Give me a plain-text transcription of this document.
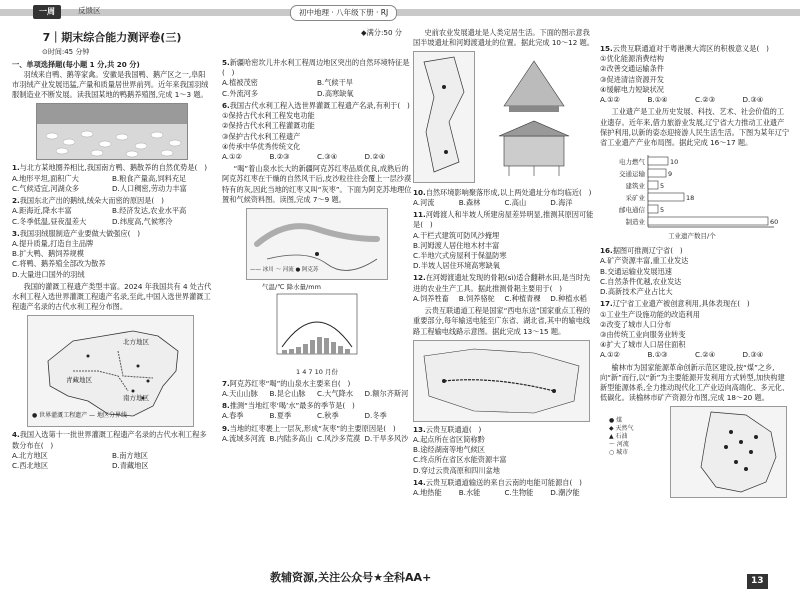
一周	反馈区	初中地理 · 八年级下册 · RJ
7｜期末综合能力测评卷(三)
⊙时间:45 分钟

一、单项选择题(每小题 1 分,共 20 分)

羽绒来自鸭、鹅等家禽。安徽是我国鸭、鹅产区之一,阜阳市羽绒产业发展迅猛,产量和质量居世界前列。近年来我国羽绒服制造业不断发展。读我国某地的鸭鹅养殖图,完成 1～3 题。

1.与北方某地圈养相比,我国南方鸭、鹅散养的自然优势是(   )

A.地形平坦,面积广大	B.粮食产量高,饲料充足
C.气候适宜,河湖众多	D.人口稠密,劳动力丰富

2.我国东北产出的鹅绒,绒朵大而密的原因是(   )

A.距海近,降水丰富	B.经济发达,农业水平高
C.冬季低温,昼夜温差大	D.纬度高,气候寒冷

3.我国羽绒服制造产业要做大做强应(   )

A.提升质量,打造自主品牌

B.扩大鸭、鹅饲养规模

C.将鸭、鹅养殖全部改为散养

D.大量进口国外的羽绒

我国的灌溉工程遗产类型丰富。2024 年我国共有 4 处古代水利工程入选世界灌溉工程遗产名录,至此,中国入选世界灌溉工程遗产名录的古代水利工程分布图。

北方地区
青藏地区
南方地区
● 世界灌溉工程遗产 — 地区分界线

4.我国入选第十一批世界灌溉工程遗产名录的古代水利工程多数分布在(   )

A.北方地区	B.南方地区
C.西北地区	D.青藏地区
◆满分:50 分

5.新疆哈密坎儿井水利工程周边地区突出的自然环境特征是(   )

A.植被茂密	B.气候干旱
C.外流河多	D.高寒缺氧

6.我国古代水利工程入选世界灌溉工程遗产名录,有利于(   )

①保持古代水利工程发电功能

②保持古代水利工程灌溉功能

③保护古代水利工程遗产

④传承中华优秀传统文化

A.①②	B.②③	C.③④	D.②④

“喝”着山泉水长大的新疆阿克苏红枣品质优良,成熟后的阿克苏红枣在干燥的自然风干后,皮沙粒往往会覆上一层沙漠特有的灰,因此当地的红枣又叫“灰枣”。下面为阿克苏地理位置和气候资料图。读图,完成 7～9 题。

—— 冰川 ～ 河流 ● 阿克苏
气温/℃ 降水量/mm
1 4 7 10 月份

7.阿克苏红枣“喝”的山泉水主要来自(   )

A.天山山脉	B.昆仑山脉	C.大气降水	D.额尔齐斯河

8.推测“当地红枣‘喝’水”最多的季节是(   )

A.春季	B.夏季	C.秋季	D.冬季

9.当地的红枣裹上一层灰,形成“灰枣”的主要原因是(   )

A.流域多河流 B.内陆多高山 C.风沙多荒漠 D.干旱多风沙

史前农业发展遗址是人类定居生活。下面的图示意我国半坡遗址和河姆渡遗址的位置。据此完成 10～12 题。

10.自然环境影响聚落形成,以上两处遗址分布均临近(   )

A.河流	B.森林	C.高山	D.海洋

11.河姆渡人和半坡人所建房屋差异明显,推测其原因可能是(   )

A.干栏式建筑可防风沙掩埋

B.河姆渡人居住地木材丰富

C.半地穴式房屋利于保温防寒

D.半坡人居住环境高寒缺氧

12.在河姆渡遗址发现的骨耜(sì)适合翻耕水田,是当时先进的农业生产工具。据此推测骨耜主要用于(   )

A.饲养牲畜	B.饲养骆驼	C.种植青稞	D.种植水稻

云贵互联通道工程是国家“西电东送”国家重点工程的重要部分,每年输送电能至广东省、湖北省,其中的输电线路工程输电线路示意图。据此完成 13～15 题。

13.云贵互联通道(   )

A.起点所在省区简称黔

B.途经湖南等地气候区

C.终点所在省区水能资源丰富

D.穿过云贵高原和四川盆地

14.云贵互联通道输送的来自云南的电能可能源自(   )

A.地热能	B.水能	C.生物能	D.潮汐能

15.云贵互联通道对于粤港澳大湾区的积极意义是(   )

①优化能源消费结构

②改善交通运输条件

③促进清洁资源开发

④缓解电力短缺状况

A.①②	B.①④	C.②③	D.③④

工业遗产是工业历史发展、科技、艺术、社会价值的工业遗存。近年来,借力旅游业发展,辽宁省大力推动工业遗产保护利用,以新的姿态迎接游人民生活生活。下图为某年辽宁省工业遗产产业布局图。据此完成 16～17 题。

电力燃气	10
交通运输	9
建筑业 5
采矿业	18
邮电通信 5
制造业	60
工业遗产数目/个

16.据图可推测辽宁省(   )

A.矿产资源丰富,重工业发达

B.交通运输业发展迅速

C.自然条件优越,农业发达

D.高新技术产业占比大

17.辽宁省工业遗产被创意利用,具体表现在(   )

①工业生产设施功能的改造利用

②改变了城市人口分布

③由传统工业向服务业转变

④扩大了城市人口居住面积

A.①②	B.①③	C.②④	D.③④

榆林市为国家能源革命创新示范区建设,按“煤”之乡,向“新”而行,以“新”为主要能源开发利用方式转型,加快构建新型能源体系,全力推动现代化工产业迈向高端化、多元化、低碳化。读榆林市矿产资源分布图,完成 18～20 题。

● 煤
◆ 天然气
▲ 石油
～ 河流
○ 城市
教辅资源,关注公众号★全科AA+	13
